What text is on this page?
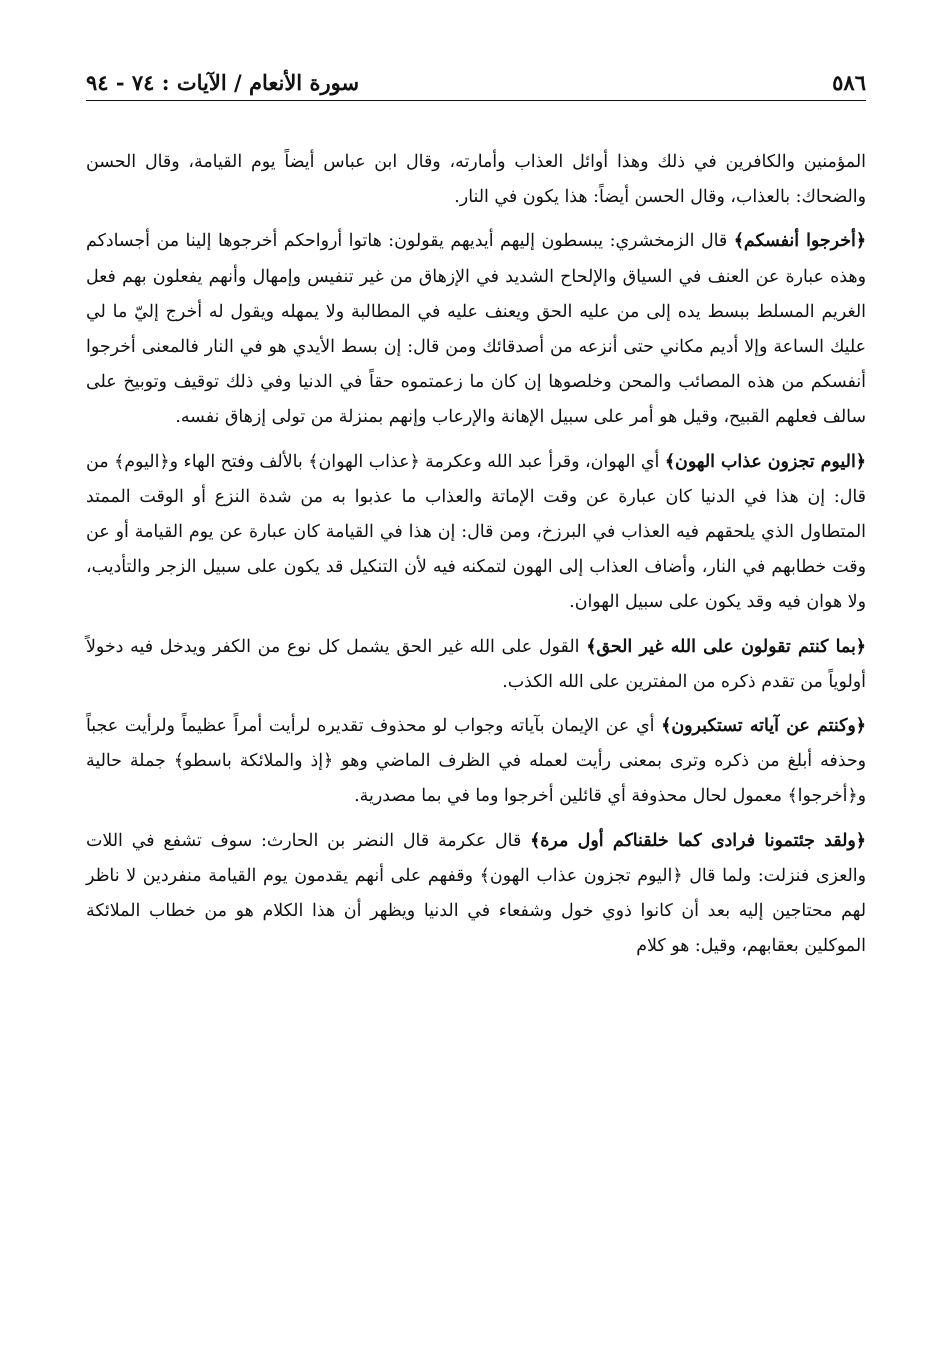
٥٨٦
سورة الأنعام / الآيات : ٧٤ - ٩٤

المؤمنين والكافرين في ذلك وهذا أوائل العذاب وأمارته، وقال ابن عباس أيضاً يوم القيامة، وقال الحسن والضحاك: بالعذاب، وقال الحسن أيضاً: هذا يكون في النار.

﴿أخرجوا أنفسكم﴾ قال الزمخشري: يبسطون إليهم أيديهم يقولون: هاتوا أرواحكم أخرجوها إلينا من أجسادكم وهذه عبارة عن العنف في السياق والإلحاح الشديد في الإزهاق من غير تنفيس وإمهال وأنهم يفعلون بهم فعل الغريم المسلط ببسط يده إلى من عليه الحق ويعنف عليه في المطالبة ولا يمهله ويقول له أخرج إليّ ما لي عليك الساعة وإلا أديم مكاني حتى أنزعه من أصدقائك ومن قال: إن بسط الأيدي هو في النار فالمعنى أخرجوا أنفسكم من هذه المصائب والمحن وخلصوها إن كان ما زعمتموه حقاً في الدنيا وفي ذلك توقيف وتوبيخ على سالف فعلهم القبيح، وقيل هو أمر على سبيل الإهانة والإرعاب وإنهم بمنزلة من تولى إزهاق نفسه.

﴿اليوم تجزون عذاب الهون﴾ أي الهوان، وقرأ عبد الله وعكرمة ﴿عذاب الهوان﴾ بالألف وفتح الهاء و﴿اليوم﴾ من قال: إن هذا في الدنيا كان عبارة عن وقت الإماتة والعذاب ما عذبوا به من شدة النزع أو الوقت الممتد المتطاول الذي يلحقهم فيه العذاب في البرزخ، ومن قال: إن هذا في القيامة كان عبارة عن يوم القيامة أو عن وقت خطابهم في النار، وأضاف العذاب إلى الهون لتمكنه فيه لأن التنكيل قد يكون على سبيل الزجر والتأديب، ولا هوان فيه وقد يكون على سبيل الهوان.

﴿بما كنتم تقولون على الله غير الحق﴾ القول على الله غير الحق يشمل كل نوع من الكفر ويدخل فيه دخولاً أولوياً من تقدم ذكره من المفترين على الله الكذب.

﴿وكنتم عن آياته تستكبرون﴾ أي عن الإيمان بآياته وجواب لو محذوف تقديره لرأيت أمراً عظيماً ولرأيت عجباً وحذفه أبلغ من ذكره وترى بمعنى رأيت لعمله في الظرف الماضي وهو ﴿إذ والملائكة باسطو﴾ جملة حالية و﴿أخرجوا﴾ معمول لحال محذوفة أي قائلين أخرجوا وما في بما مصدرية.

﴿ولقد جئتمونا فرادى كما خلقناكم أول مرة﴾ قال عكرمة قال النضر بن الحارث: سوف تشفع في اللات والعزى فنزلت: ولما قال ﴿اليوم تجزون عذاب الهون﴾ وقفهم على أنهم يقدمون يوم القيامة منفردين لا ناظر لهم محتاجين إليه بعد أن كانوا ذوي خول وشفعاء في الدنيا ويظهر أن هذا الكلام هو من خطاب الملائكة الموكلين بعقابهم، وقيل: هو كلام
